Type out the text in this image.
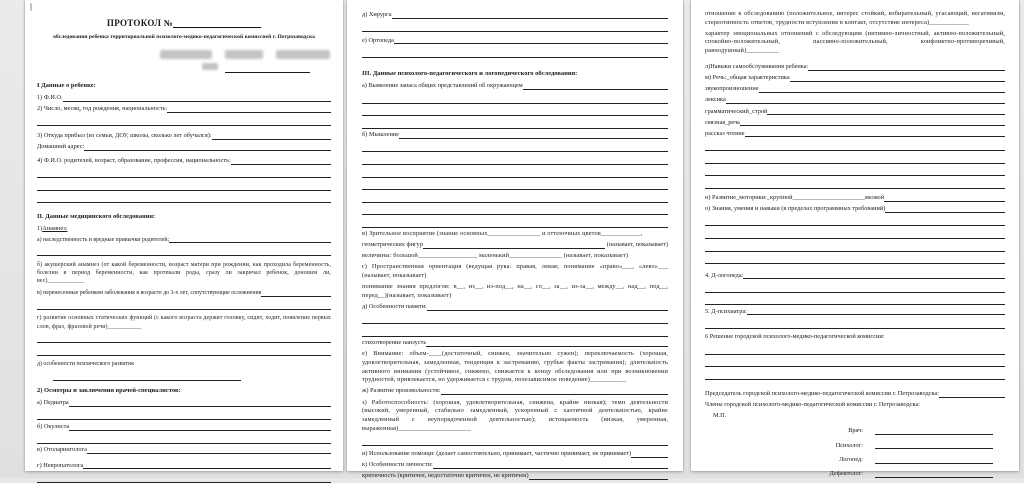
ПРОТОКОЛ №
обследования ребенка территориальной психолого-медико-педагогической комиссией г. Петрозаводска
I Данные о ребенке:
1) Ф.И.О.
2) Число, месяц, год рождения, национальность:
3) Откуда прибыл (из семьи, ДОУ, школы, сколько лет обучался):
Домашний адрес:
4) Ф.И.О. родителей, возраст, образование, профессия, национальность:
II. Данные медицинского обследования:
1) Анамнез:
а) наследственность и вредные привычки родителей;
б) акушерский анамнез (от какой беременности, возраст матери при рождении, как проходила беременность, болезни в период беременности, как протекали роды, сразу ли закричал ребенок, доношен ли, вес)____________
в) перенесенные ребенком заболевания в возрасте до 3-х лет, сопутствующие осложнения
г) развитие основных статических функций (с какого возраста держит головку, сидит, ходит, появление первых слов, фраз, фразовой речи)___________
д) особенности психического развития
2) Осмотры и заключения врачей-специалистов:
а) Педиатра
б) Окулиста
в) Отоларинголога
г) Невропатолога
д) Хирурга
е) Ортопеда
III. Данные психолого-педагогического и логопедического обследования:
а) Выявление запаса общих представлений об окружающем
б) Мышление
в) Зрительное восприятие (знание основных________________ и оттеночных цветов____________,
геометрических фигур	(называет, показывает)
величины: большой__________________ маленький________________ (называет, показывает)
г) Пространственная ориентация (ведущая рука: правая, левая; понимание «право»___, «лево»___ (называет, показывает)
понимание знания предлогов: в__, из__, из-под__, на__, со__, за__, из-за__, между__, над__, под__, перед__)(называет, показывает)
д) Особенности памяти:
стихотворение наизусть
е) Внимание: объем-____(достаточный, снижен, значительно сужен); переключаемость (хорошая, удовлетворительная, замедленная, тенденция к застреванию, грубые факты застревания); длительность активного внимания (устойчивое, снижено, снижается к концу обследования или при возникновении трудностей, привлекается, но удерживается с трудом, полезависимое поведение)___________
ж) Развитие произвольности:
з) Работоспособность: (хорошая, удовлетворительная, снижена, крайне низкая); темп деятельности (высокий, умеренный, стабильно замедленный, ускоренный с хаотичной деятельностью, крайне замедленный с неупорядоченной деятельностью); истощаемость (низкая, умеренная, выраженная)______________________
и) Использование помощи: (делает самостоятельно, принимает, частично принимает, не принимает)
к) Особенности личности:
критичность (критичен, недостаточно критичен, не критичен)
отношение к обследованию (положительное, интерес стойкий, избирательный, угасающий, негативизм, стереотипность ответов, трудности вступления в контакт, отсутствие интереса)____________
характер эмоциональных отношений с обследующим (интимно-личностный, активно-положительный, спокойно-положительный, пассивно-положительный, конфликтно-противоречивый, равнодушный)__________
л)Навыки самообслуживания ребенка:
м) Речь:_общая характеристика
звукопроизношение
лексика
грамматический_строй
связная_речь
рассказ чтение
н) Развитие_моторики:_крупной_______________________мелкой
о) Знания, умения и навыки (в пределах программных требований)
4. Д-логопеда:
5. Д-психиатра:
6 Решение городской психолого-медико-педагогической комиссии:
Председатель городской психолого-медико-педагогической комиссии г. Петрозаводска:
Члены городской психолого-медико-педагогической комиссии г. Петрозаводска:
М.П.
Врач:
Психолог:
Логопед:
Дефектолог:
